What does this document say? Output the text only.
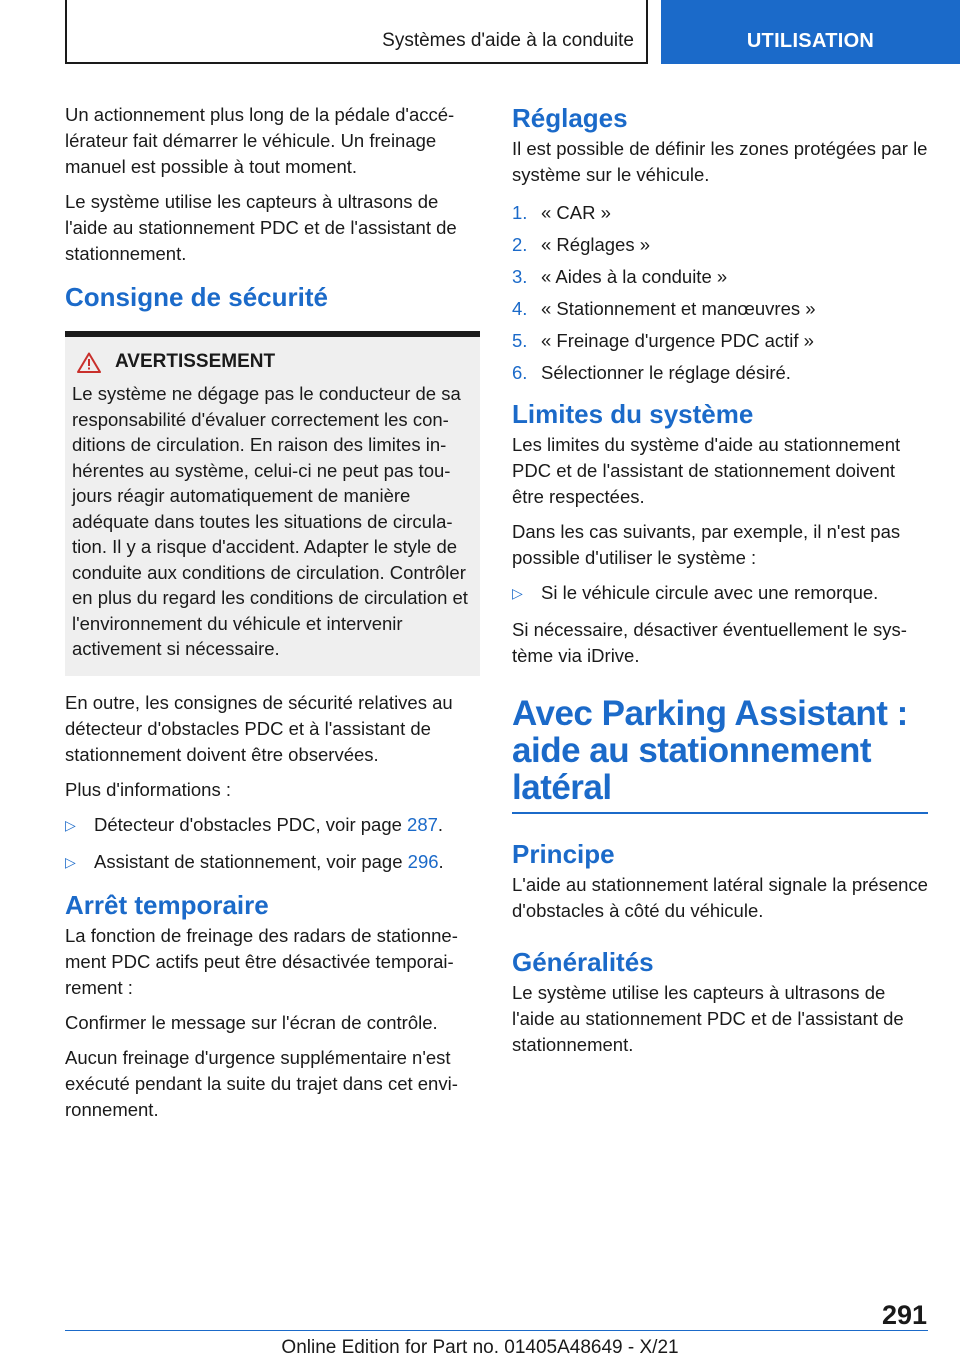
Systèmes d'aide à la conduite	UTILISATION

Un actionnement plus long de la pédale d'accélérateur fait démarrer le véhicule. Un freinage manuel est possible à tout moment.

Le système utilise les capteurs à ultrasons de l'aide au stationnement PDC et de l'assistant de stationnement.

Consigne de sécurité
AVERTISSEMENT
Le système ne dégage pas le conducteur de sa responsabilité d'évaluer correctement les conditions de circulation. En raison des limites inhérentes au système, celui-ci ne peut pas toujours réagir automatiquement de manière adéquate dans toutes les situations de circulation. Il y a risque d'accident. Adapter le style de conduite aux conditions de circulation. Contrôler en plus du regard les conditions de circulation et l'environnement du véhicule et intervenir activement si nécessaire.

En outre, les consignes de sécurité relatives au détecteur d'obstacles PDC et à l'assistant de stationnement doivent être observées.

Plus d'informations :

▷ Détecteur d'obstacles PDC, voir page 287.
▷ Assistant de stationnement, voir page 296.
Arrêt temporaire

La fonction de freinage des radars de stationnement PDC actifs peut être désactivée temporairement :

Confirmer le message sur l'écran de contrôle.

Aucun freinage d'urgence supplémentaire n'est exécuté pendant la suite du trajet dans cet environnement.

Réglages

Il est possible de définir les zones protégées par le système sur le véhicule.

1. « CAR »
2. « Réglages »
3. « Aides à la conduite »
4. « Stationnement et manœuvres »
5. « Freinage d'urgence PDC actif »
6. Sélectionner le réglage désiré.
Limites du système

Les limites du système d'aide au stationnement PDC et de l'assistant de stationnement doivent être respectées.

Dans les cas suivants, par exemple, il n'est pas possible d'utiliser le système :

▷ Si le véhicule circule avec une remorque.

Si nécessaire, désactiver éventuellement le système via iDrive.

Avec Parking Assistant : aide au stationnement latéral
Principe

L'aide au stationnement latéral signale la présence d'obstacles à côté du véhicule.

Généralités

Le système utilise les capteurs à ultrasons de l'aide au stationnement PDC et de l'assistant de stationnement.

291
Online Edition for Part no. 01405A48649 - X/21
